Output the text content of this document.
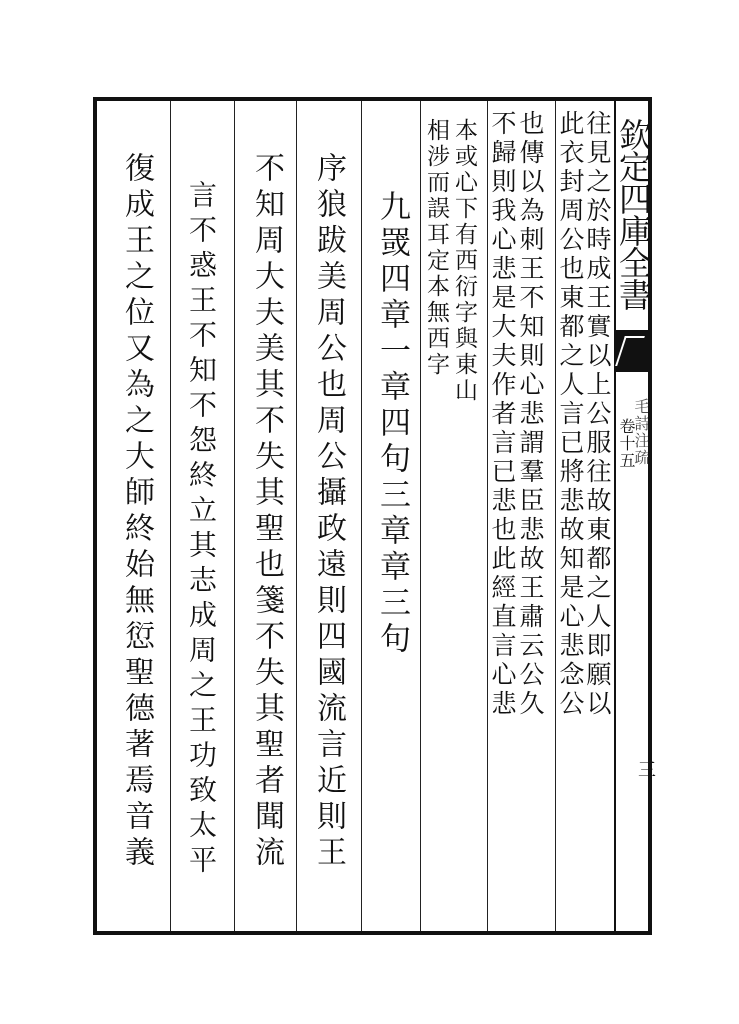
欽定四庫全書
卷十五
毛詩注疏
三
往見之於時成王實以上公服往故東都之人即願以
此衣封周公也東都之人言已將悲故知是心悲念公
也傳以為刺王不知則心悲謂羣臣悲故王肅云公久
不歸則我心悲是大夫作者言已悲也此經直言心悲
本或心下有西衍字與東山
相涉而誤耳定本無西字
九罭四章一章四句三章章三句
序狼跋美周公也周公攝政遠則四國流言近則王
不知周大夫美其不失其聖也箋不失其聖者聞流
言不惑王不知不怨終立其志成周之王功致太平
復成王之位又為之大師終始無愆聖德著焉音義
